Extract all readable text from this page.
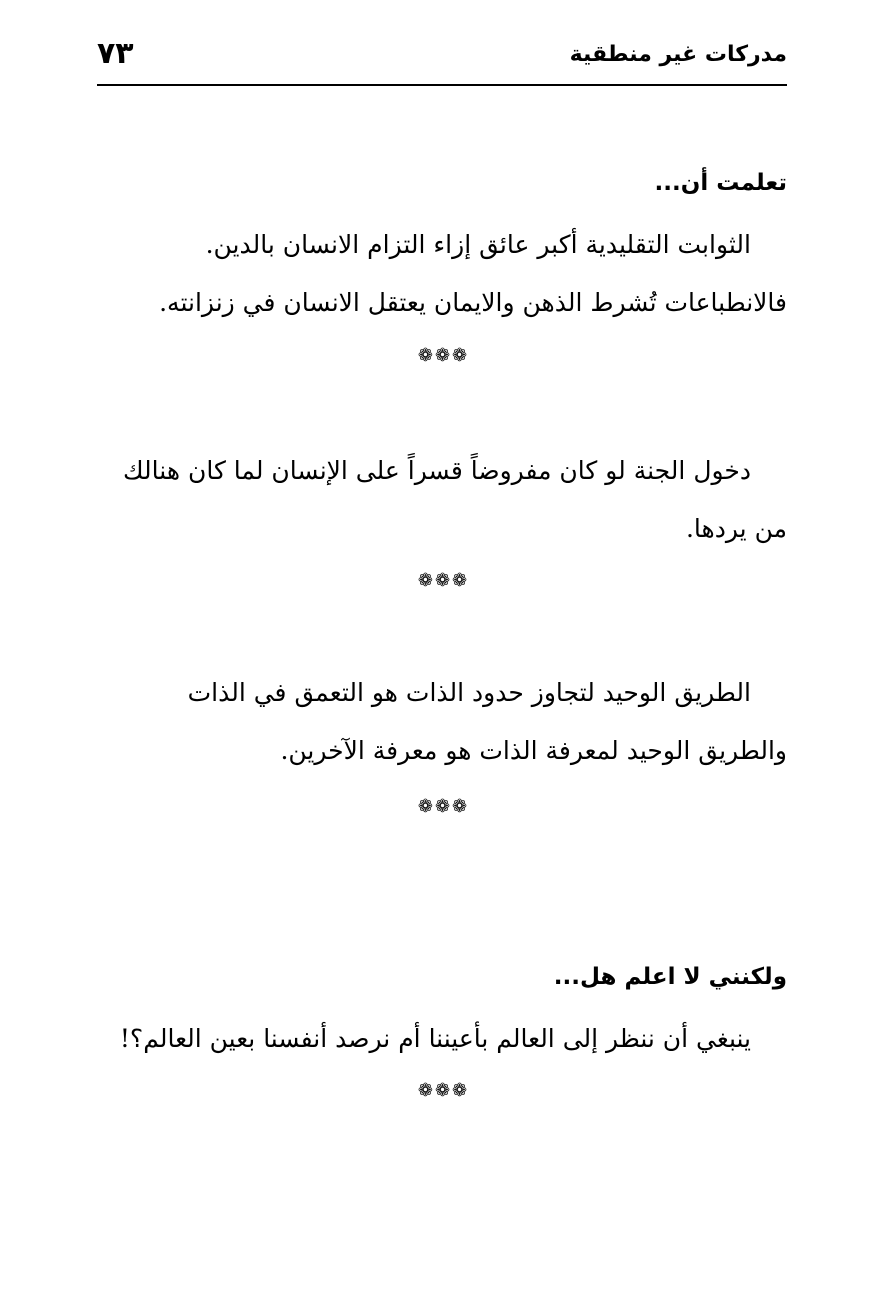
مدركات غير منطقية
٧٣
تعلمت أن...
الثوابت التقليدية أكبر عائق إزاء التزام الانسان بالدين.
فالانطباعات تُشرط الذهن والايمان يعتقل الانسان في زنزانته.
❁❁❁
دخول الجنة لو كان مفروضاً قسراً على الإنسان لما كان هنالك
من يردها.
❁❁❁
الطريق الوحيد لتجاوز حدود الذات هو التعمق في الذات
والطريق الوحيد لمعرفة الذات هو معرفة الآخرين.
❁❁❁
ولكنني لا اعلم هل...
ينبغي أن ننظر إلى العالم بأعيننا أم نرصد أنفسنا بعين العالم؟!
❁❁❁
